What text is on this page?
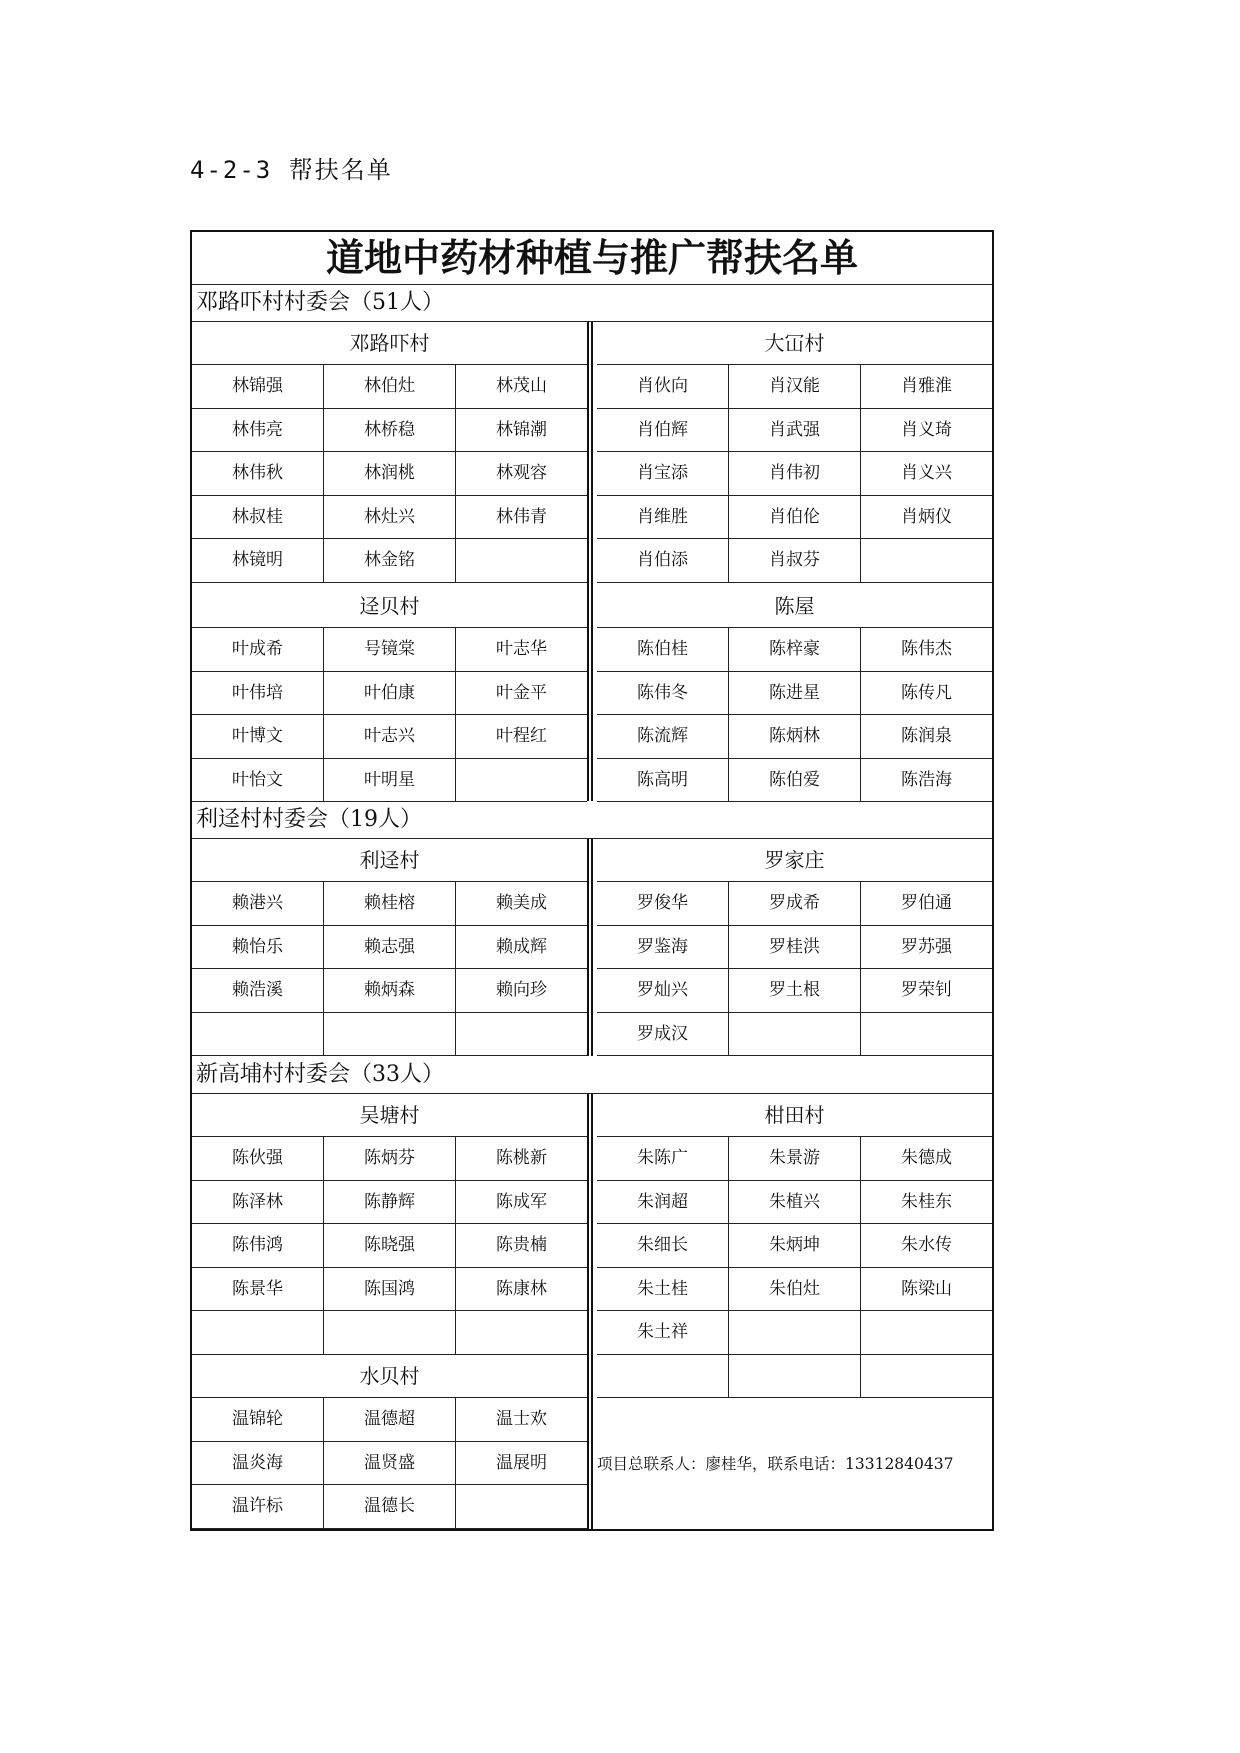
4-2-3 帮扶名单
道地中药材种植与推广帮扶名单
邓路吓村村委会（51人）
邓路吓村
林锦强	林伯灶	林茂山
林伟亮	林桥稳	林锦潮
林伟秋	林润桃	林观容
林叔桂	林灶兴	林伟青
林镜明	林金铭
大冚村
肖伙向	肖汉能	肖雅淮
肖伯辉	肖武强	肖义琦
肖宝添	肖伟初	肖义兴
肖维胜	肖伯伦	肖炳仪
肖伯添	肖叔芬
迳贝村
叶成希	号镜棠	叶志华
叶伟培	叶伯康	叶金平
叶博文	叶志兴	叶程红
叶怡文	叶明星
陈屋
陈伯桂	陈梓豪	陈伟杰
陈伟冬	陈进星	陈传凡
陈流辉	陈炳林	陈润泉
陈高明	陈伯爱	陈浩海
利迳村村委会（19人）
利迳村
赖港兴	赖桂榕	赖美成
赖怡乐	赖志强	赖成辉
赖浩溪	赖炳森	赖向珍
罗家庄
罗俊华	罗成希	罗伯通
罗鉴海	罗桂洪	罗苏强
罗灿兴	罗土根	罗荣钊
罗成汉
新高埔村村委会（33人）
吴塘村
陈伙强	陈炳芬	陈桃新
陈泽林	陈静辉	陈成军
陈伟鸿	陈晓强	陈贵楠
陈景华	陈国鸿	陈康林
柑田村
朱陈广	朱景游	朱德成
朱润超	朱植兴	朱桂东
朱细长	朱炳坤	朱水传
朱土桂	朱伯灶	陈梁山
朱土祥
水贝村
温锦轮	温德超	温士欢
温炎海	温贤盛	温展明
温许标	温德长
项目总联系人：廖桂华，联系电话：13312840437
